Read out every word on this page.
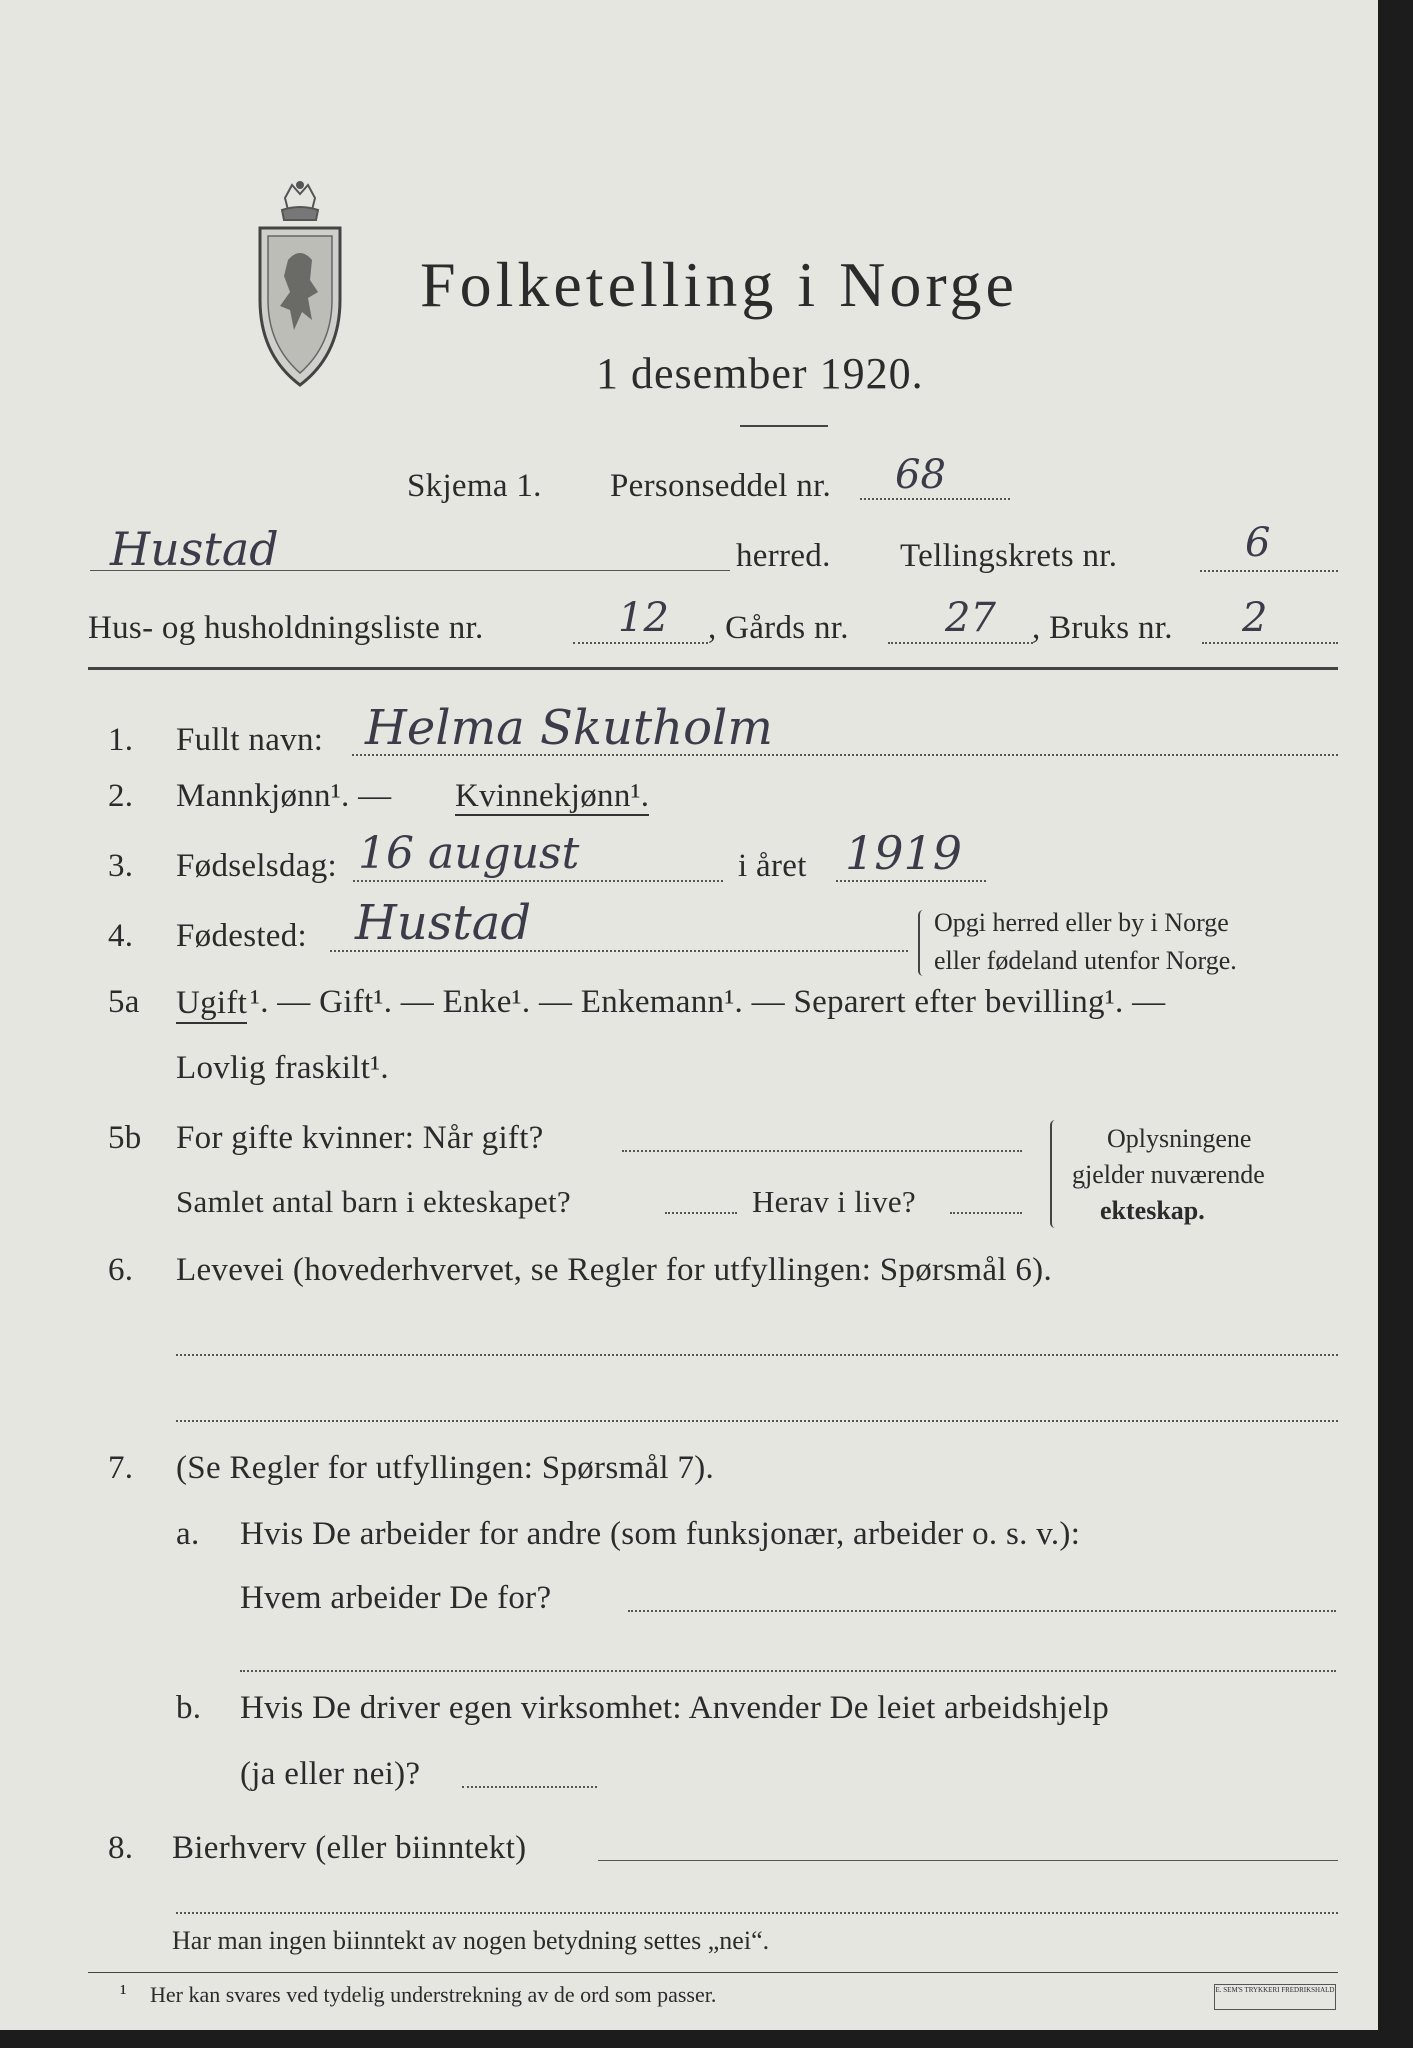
Folketelling i Norge
1 desember 1920.
Skjema 1. Personseddel nr. 68
Hustad	herred. Tellingskrets nr.	6
Hus- og husholdningsliste nr.	12 , Gårds nr. 27 , Bruks nr. 2
1. Fullt navn: Helma Skutholm
2. Mannkjønn¹. — Kvinnekjønn¹.
3. Fødselsdag: 16 august	i året 1919
4. Fødested: Hustad	Opgi herred eller by i Norge
eller fødeland utenfor Norge.
5a Ugift ¹. — Gift¹. — Enke¹. — Enkemann¹. — Separert efter bevilling¹. —
Lovlig fraskilt¹.
5b For gifte kvinner: Når gift?
Samlet antal barn i ekteskapet?	Herav i live?
Oplysningene
gjelder nuværende
ekteskap.
6. Levevei (hovederhvervet, se Regler for utfyllingen: Spørsmål 6).
7. (Se Regler for utfyllingen: Spørsmål 7).
a. Hvis De arbeider for andre (som funksjonær, arbeider o. s. v.):
Hvem arbeider De for?
b. Hvis De driver egen virksomhet: Anvender De leiet arbeidshjelp
(ja eller nei)?
8. Bierhverv (eller biinntekt)
Har man ingen biinntekt av nogen betydning settes „nei“.
¹ Her kan svares ved tydelig understrekning av de ord som passer.	E. SEM'S TRYKKERI FREDRIKSHALD
